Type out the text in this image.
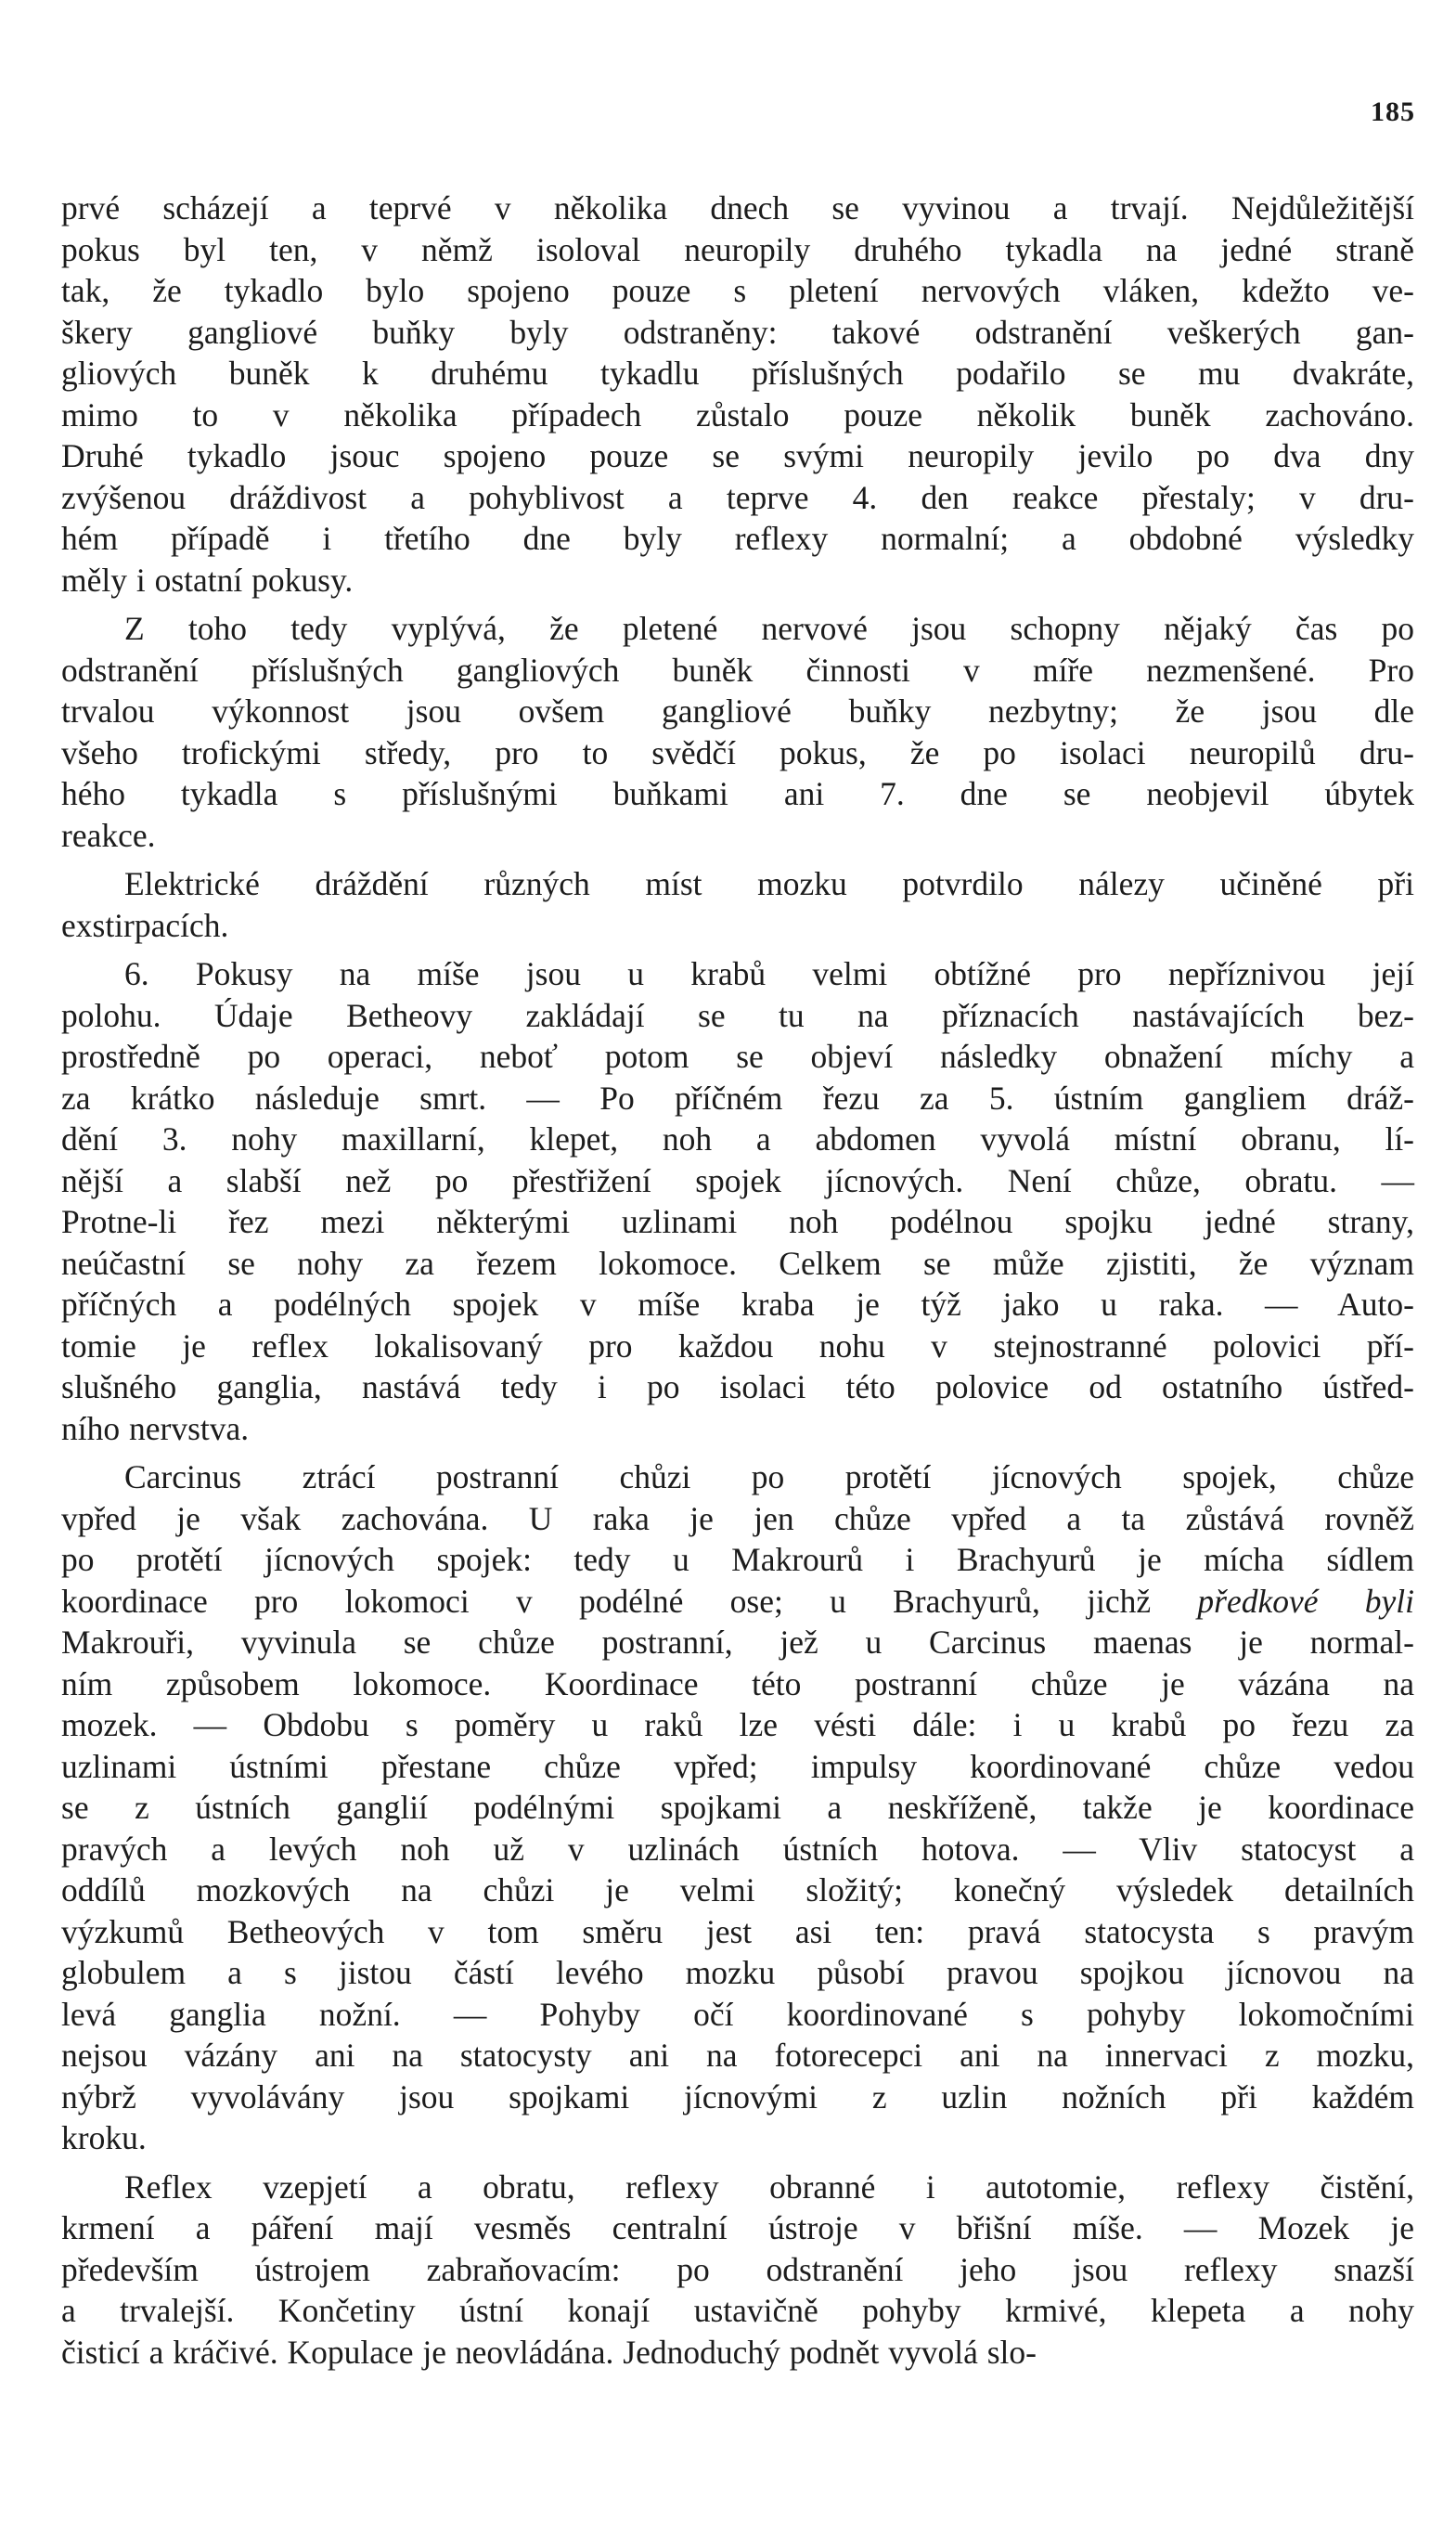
185

prvé scházejí a teprvé v několika dnech se vyvinou a trvají. Nejdůležitější
pokus byl ten, v němž isoloval neuropily druhého tykadla na jedné straně
tak, že tykadlo bylo spojeno pouze s pletení nervových vláken, kdežto ve-
škery gangliové buňky byly odstraněny: takové odstranění veškerých gan-
gliových buněk k druhému tykadlu příslušných podařilo se mu dvakráte,
mimo to v několika případech zůstalo pouze několik buněk zachováno.
Druhé tykadlo jsouc spojeno pouze se svými neuropily jevilo po dva dny
zvýšenou dráždivost a pohyblivost a teprve 4. den reakce přestaly; v dru-
hém případě i třetího dne byly reflexy normalní; a obdobné výsledky
měly i ostatní pokusy.

Z toho tedy vyplývá, že pletené nervové jsou schopny nějaký čas po
odstranění příslušných gangliových buněk činnosti v míře nezmenšené. Pro
trvalou výkonnost jsou ovšem gangliové buňky nezbytny; že jsou dle
všeho trofickými středy, pro to svědčí pokus, že po isolaci neuropilů dru-
hého tykadla s příslušnými buňkami ani 7. dne se neobjevil úbytek
reakce.

Elektrické dráždění různých míst mozku potvrdilo nálezy učiněné při
exstirpacích.

6. Pokusy na míše jsou u krabů velmi obtížné pro nepříznivou její
polohu. Údaje Betheovy zakládají se tu na příznacích nastávajících bez-
prostředně po operaci, neboť potom se objeví následky obnažení míchy a
za krátko následuje smrt. — Po příčném řezu za 5. ústním gangliem dráž-
dění 3. nohy maxillarní, klepet, noh a abdomen vyvolá místní obranu, lí-
nější a slabší než po přestřižení spojek jícnových. Není chůze, obratu. —
Protne-li řez mezi některými uzlinami noh podélnou spojku jedné strany,
neúčastní se nohy za řezem lokomoce. Celkem se může zjistiti, že význam
příčných a podélných spojek v míše kraba je týž jako u raka. — Auto-
tomie je reflex lokalisovaný pro každou nohu v stejnostranné polovici pří-
slušného ganglia, nastává tedy i po isolaci této polovice od ostatního ústřed-
ního nervstva.

Carcinus ztrácí postranní chůzi po protětí jícnových spojek, chůze
vpřed je však zachována. U raka je jen chůze vpřed a ta zůstává rovněž
po protětí jícnových spojek: tedy u Makrourů i Brachyurů je mícha sídlem
koordinace pro lokomoci v podélné ose; u Brachyurů, jichž předkové byli
Makrouři, vyvinula se chůze postranní, jež u Carcinus maenas je normal-
ním způsobem lokomoce. Koordinace této postranní chůze je vázána na
mozek. — Obdobu s poměry u raků lze vésti dále: i u krabů po řezu za
uzlinami ústními přestane chůze vpřed; impulsy koordinované chůze vedou
se z ústních ganglií podélnými spojkami a neskříženě, takže je koordinace
pravých a levých noh už v uzlinách ústních hotova. — Vliv statocyst a
oddílů mozkových na chůzi je velmi složitý; konečný výsledek detailních
výzkumů Betheových v tom směru jest asi ten: pravá statocysta s pravým
globulem a s jistou částí levého mozku působí pravou spojkou jícnovou na
levá ganglia nožní. — Pohyby očí koordinované s pohyby lokomočními
nejsou vázány ani na statocysty ani na fotorecepci ani na innervaci z mozku,
nýbrž vyvolávány jsou spojkami jícnovými z uzlin nožních při každém
kroku.

Reflex vzepjetí a obratu, reflexy obranné i autotomie, reflexy čistění,
krmení a páření mají vesměs centralní ústroje v břišní míše. — Mozek je
především ústrojem zabraňovacím: po odstranění jeho jsou reflexy snazší
a trvalejší. Končetiny ústní konají ustavičně pohyby krmivé, klepeta a nohy
čisticí a kráčivé. Kopulace je neovládána. Jednoduchý podnět vyvolá slo-
